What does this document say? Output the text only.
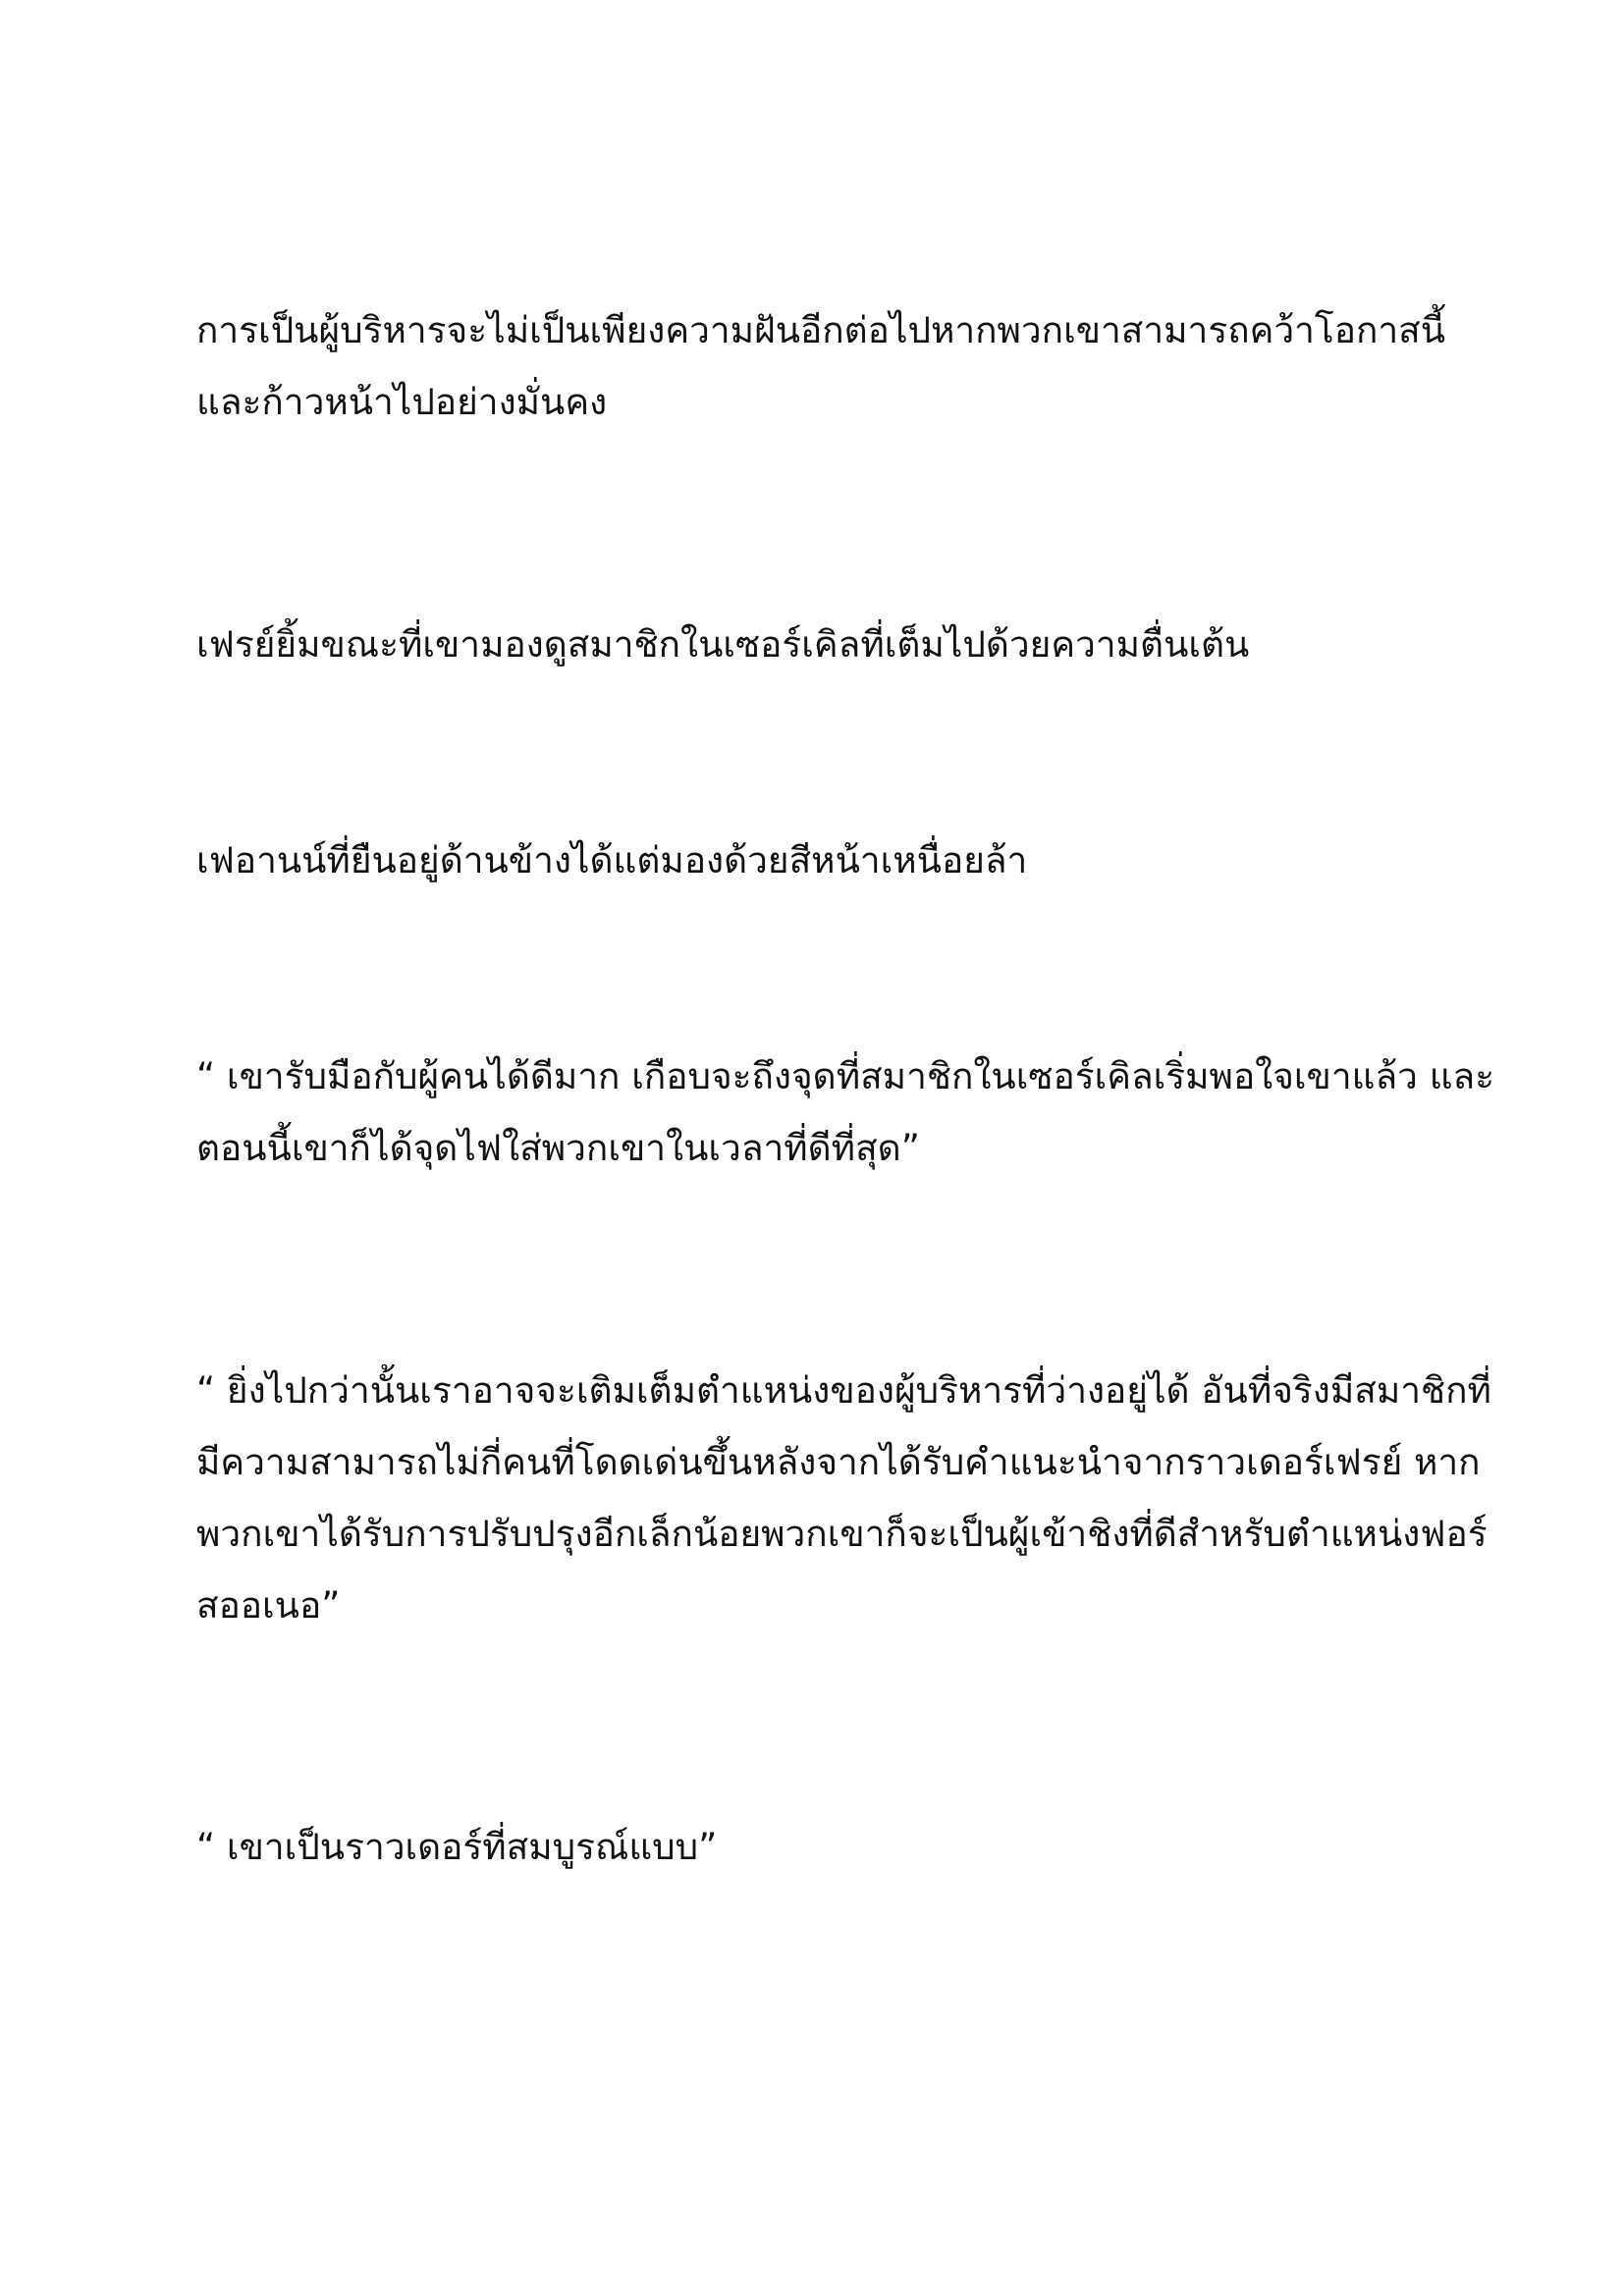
การเป็นผู้บริหารจะไม่เป็นเพียงความฝันอีกต่อไปหากพวกเขาสามารถคว้าโอกาสนี้
และก้าวหน้าไปอย่างมั่นคง

เฟรย์ยิ้มขณะที่เขามองดูสมาชิกในเซอร์เคิลที่เต็มไปด้วยความตื่นเต้น

เฟอานน์ที่ยืนอยู่ด้านข้างได้แต่มองด้วยสีหน้าเหนื่อยล้า

“ เขารับมือกับผู้คนได้ดีมาก เกือบจะถึงจุดที่สมาชิกในเซอร์เคิลเริ่มพอใจเขาแล้ว และ
ตอนนี้เขาก็ได้จุดไฟใส่พวกเขาในเวลาที่ดีที่สุด”

“ ยิ่งไปกว่านั้นเราอาจจะเติมเต็มตำแหน่งของผู้บริหารที่ว่างอยู่ได้ อันที่จริงมีสมาชิกที่
มีความสามารถไม่กี่คนที่โดดเด่นขึ้นหลังจากได้รับคำแนะนำจากราวเดอร์เฟรย์ หาก
พวกเขาได้รับการปรับปรุงอีกเล็กน้อยพวกเขาก็จะเป็นผู้เข้าชิงที่ดีสำหรับตำแหน่งฟอร์
สออเนอ”

“ เขาเป็นราวเดอร์ที่สมบูรณ์แบบ”
